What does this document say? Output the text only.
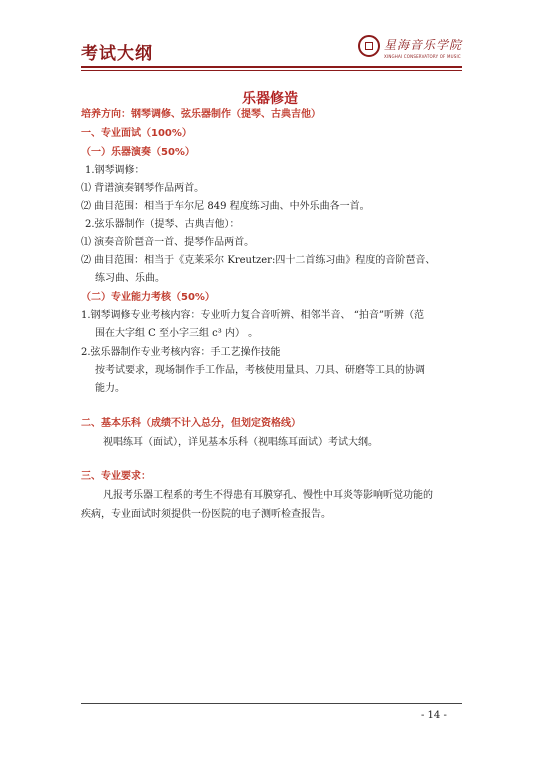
考试大纲	星海音乐学院
XINGHAI CONSERVATORY OF MUSIC
乐器修造
培养方向：钢琴调修、弦乐器制作（提琴、古典吉他）
一、专业面试（100%）
（一）乐器演奏（50%）
1.钢琴调修：
⑴ 背谱演奏钢琴作品两首。
⑵ 曲目范围：相当于车尔尼 849 程度练习曲、中外乐曲各一首。
2.弦乐器制作（提琴、古典吉他）：
⑴ 演奏音阶琶音一首、提琴作品两首。
⑵ 曲目范围：相当于《克莱采尔 Kreutzer:四十二首练习曲》程度的音阶琶音、
练习曲、乐曲。
（二）专业能力考核（50%）
1.钢琴调修专业考核内容：专业听力复合音听辨、相邻半音、 “拍音”听辨（范
围在大字组 C 至小字三组 c³ 内） 。
2.弦乐器制作专业考核内容：手工艺操作技能
按考试要求，现场制作手工作品，考核使用量具、刀具、研磨等工具的协调
能力。
二、基本乐科（成绩不计入总分，但划定资格线）
视唱练耳（面试），详见基本乐科（视唱练耳面试）考试大纲。
三、专业要求：
凡报考乐器工程系的考生不得患有耳膜穿孔、慢性中耳炎等影响听觉功能的
疾病，专业面试时须提供一份医院的电子测听检查报告。
- 14 -
